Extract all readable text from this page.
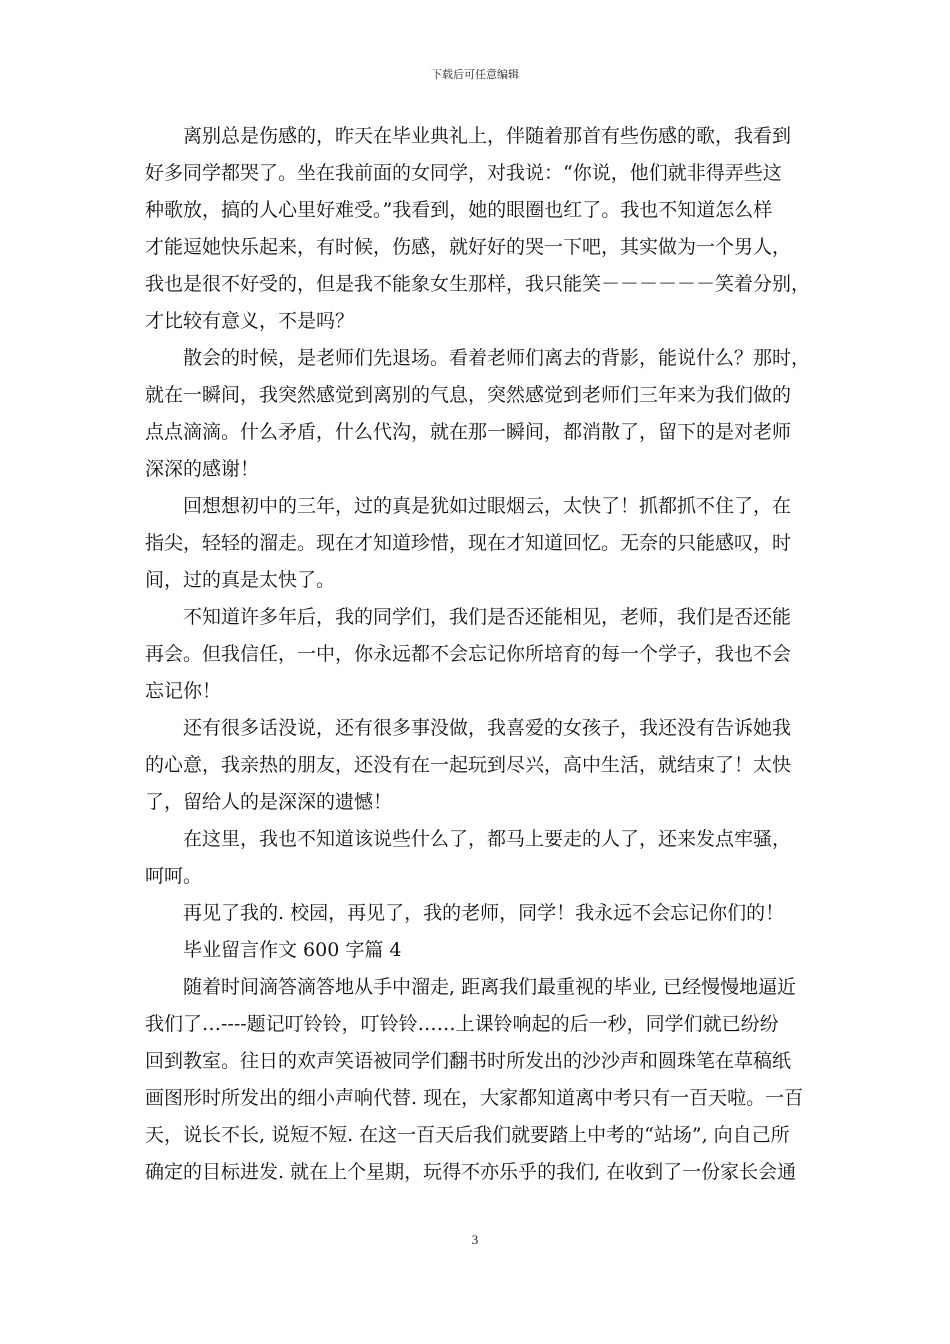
下载后可任意编辑
离别总是伤感的，昨天在毕业典礼上，伴随着那首有些伤感的歌，我看到
好多同学都哭了。坐在我前面的女同学，对我说：“你说，他们就非得弄些这
种歌放，搞的人心里好难受。”我看到，她的眼圈也红了。我也不知道怎么样
才能逗她快乐起来，有时候，伤感，就好好的哭一下吧，其实做为一个男人，
我也是很不好受的，但是我不能象女生那样，我只能笑－－－－－－笑着分别，
才比较有意义，不是吗？
散会的时候，是老师们先退场。看着老师们离去的背影，能说什么？那时，
就在一瞬间，我突然感觉到离别的气息，突然感觉到老师们三年来为我们做的
点点滴滴。什么矛盾，什么代沟，就在那一瞬间，都消散了，留下的是对老师
深深的感谢！
回想想初中的三年，过的真是犹如过眼烟云，太快了！抓都抓不住了，在
指尖，轻轻的溜走。现在才知道珍惜，现在才知道回忆。无奈的只能感叹，时
间，过的真是太快了。
不知道许多年后，我的同学们，我们是否还能相见，老师，我们是否还能
再会。但我信任，一中，你永远都不会忘记你所培育的每一个学子，我也不会
忘记你！
还有很多话没说，还有很多事没做，我喜爱的女孩子，我还没有告诉她我
的心意，我亲热的朋友，还没有在一起玩到尽兴，高中生活，就结束了！太快
了，留给人的是深深的遗憾！
在这里，我也不知道该说些什么了，都马上要走的人了，还来发点牢骚，
呵呵。
再见了我的. 校园，再见了，我的老师，同学！我永远不会忘记你们的！
毕业留言作文 600 字篇 4
随着时间滴答滴答地从手中溜走, 距离我们最重视的毕业, 已经慢慢地逼近
我们了…----题记叮铃铃，叮铃铃……上课铃响起的后一秒，同学们就已纷纷
回到教室。往日的欢声笑语被同学们翻书时所发出的沙沙声和圆珠笔在草稿纸
画图形时所发出的细小声响代替. 现在，大家都知道离中考只有一百天啦。一百
天，说长不长, 说短不短. 在这一百天后我们就要踏上中考的“站场”, 向自己所
确定的目标进发. 就在上个星期，玩得不亦乐乎的我们, 在收到了一份家长会通
3
